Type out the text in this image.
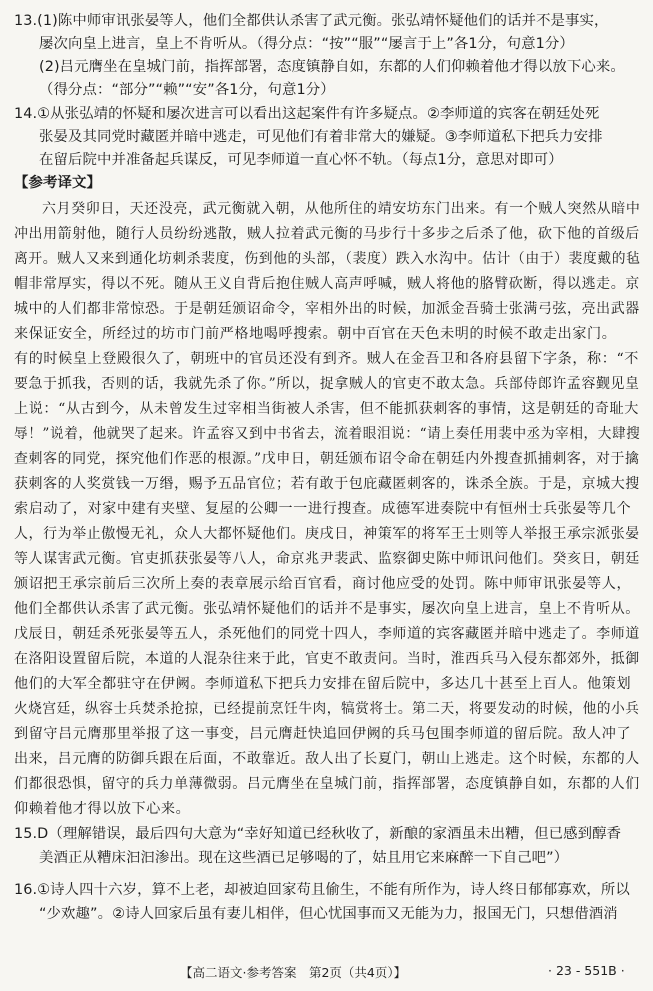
13.(1)陈中师审讯张晏等人，他们全都供认杀害了武元衡。张弘靖怀疑他们的话并不是事实，
屡次向皇上进言，皇上不肯听从。（得分点：“按”“服”“屡言于上”各1分，句意1分）
(2)吕元膺坐在皇城门前，指挥部署，态度镇静自如，东都的人们仰赖着他才得以放下心来。
（得分点：“部分”“赖”“安”各1分，句意1分）
14.①从张弘靖的怀疑和屡次进言可以看出这起案件有许多疑点。②李师道的宾客在朝廷处死
张晏及其同党时藏匿并暗中逃走，可见他们有着非常大的嫌疑。③李师道私下把兵力安排
在留后院中并准备起兵谋反，可见李师道一直心怀不轨。（每点1分，意思对即可）
【参考译文】
六月癸卯日，天还没亮，武元衡就入朝，从他所住的靖安坊东门出来。有一个贼人突然从暗中
冲出用箭射他，随行人员纷纷逃散，贼人拉着武元衡的马步行十多步之后杀了他，砍下他的首级后
离开。贼人又来到通化坊刺杀裴度，伤到他的头部，（裴度）跌入水沟中。估计（由于）裴度戴的毡
帽非常厚实，得以不死。随从王义自背后抱住贼人高声呼喊，贼人将他的胳臂砍断，得以逃走。京
城中的人们都非常惊恐。于是朝廷颁诏命令，宰相外出的时候，加派金吾骑士张满弓弦，亮出武器
来保证安全，所经过的坊市门前严格地喝呼搜索。朝中百官在天色未明的时候不敢走出家门。
有的时候皇上登殿很久了，朝班中的官员还没有到齐。贼人在金吾卫和各府县留下字条，称：“不
要急于抓我，否则的话，我就先杀了你。”所以，捉拿贼人的官吏不敢太急。兵部侍郎许孟容觐见皇
上说：“从古到今，从未曾发生过宰相当街被人杀害，但不能抓获刺客的事情，这是朝廷的奇耻大
辱！”说着，他就哭了起来。许孟容又到中书省去，流着眼泪说：“请上奏任用裴中丞为宰相，大肆搜
查刺客的同党，探究他们作恶的根源。”戊申日，朝廷颁布诏令命在朝廷内外搜查抓捕刺客，对于擒
获刺客的人奖赏钱一万缗，赐予五品官位；若有敢于包庇藏匿刺客的，诛杀全族。于是，京城大搜
索启动了，对家中建有夹壁、复屋的公卿一一进行搜查。成德军进奏院中有恒州士兵张晏等几个
人，行为举止傲慢无礼，众人大都怀疑他们。庚戌日，神策军的将军王士则等人举报王承宗派张晏
等人谋害武元衡。官吏抓获张晏等八人，命京兆尹裴武、监察御史陈中师讯问他们。癸亥日，朝廷
颁诏把王承宗前后三次所上奏的表章展示给百官看，商讨他应受的处罚。陈中师审讯张晏等人，
他们全都供认杀害了武元衡。张弘靖怀疑他们的话并不是事实，屡次向皇上进言，皇上不肯听从。
戊辰日，朝廷杀死张晏等五人，杀死他们的同党十四人，李师道的宾客藏匿并暗中逃走了。李师道
在洛阳设置留后院，本道的人混杂往来于此，官吏不敢责问。当时，淮西兵马入侵东都郊外，抵御
他们的大军全都驻守在伊阙。李师道私下把兵力安排在留后院中，多达几十甚至上百人。他策划
火烧宫廷，纵容士兵焚杀抢掠，已经提前烹饪牛肉，犒赏将士。第二天，将要发动的时候，他的小兵
到留守吕元膺那里举报了这一事变，吕元膺赶快追回伊阙的兵马包围李师道的留后院。敌人冲了
出来，吕元膺的防御兵跟在后面，不敢靠近。敌人出了长夏门，朝山上逃走。这个时候，东都的人
们都很恐惧，留守的兵力单薄微弱。吕元膺坐在皇城门前，指挥部署，态度镇静自如，东都的人们
仰赖着他才得以放下心来。
15.D（理解错误，最后四句大意为“幸好知道已经秋收了，新酿的家酒虽未出糟，但已感到醇香
美酒正从糟床汩汩渗出。现在这些酒已足够喝的了，姑且用它来麻醉一下自己吧”）
16.①诗人四十六岁，算不上老，却被迫回家苟且偷生，不能有所作为，诗人终日郁郁寡欢，所以
“少欢趣”。②诗人回家后虽有妻儿相伴，但心忧国事而又无能为力，报国无门，只想借酒消
【高二语文·参考答案　第2页（共4页）】	· 23 - 551B ·
